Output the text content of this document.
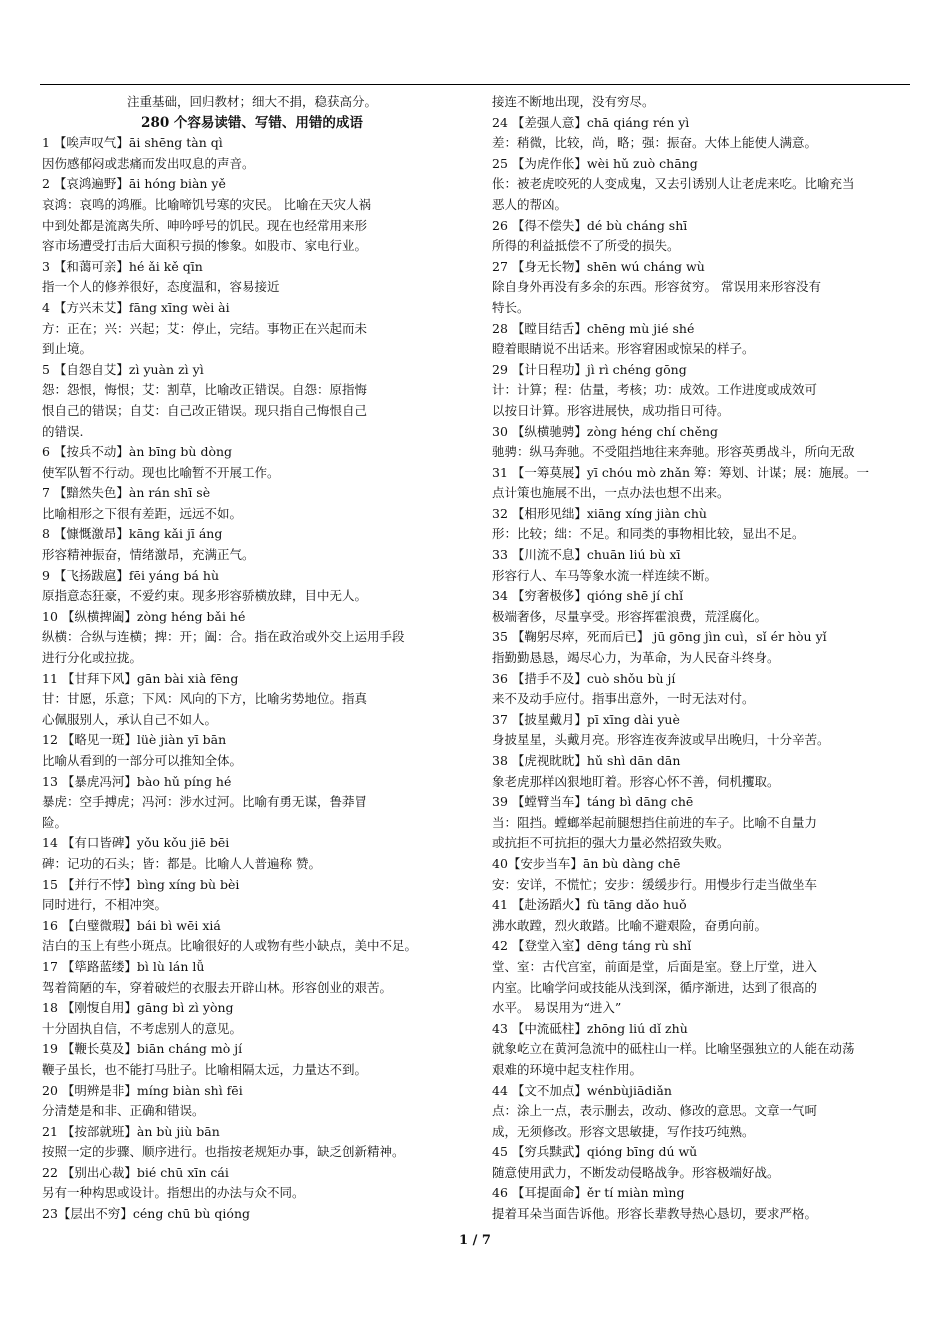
注重基础，回归教材；细大不捐，稳获高分。
280 个容易读错、写错、用错的成语
1 【唉声叹气】āi shēng tàn qì
因伤感郁闷或悲痛而发出叹息的声音。
2 【哀鸿遍野】āi hóng biàn yě
哀鸿：哀鸣的鸿雁。比喻啼饥号寒的灾民。 比喻在天灾人祸
中到处都是流离失所、呻吟呼号的饥民。现在也经常用来形
容市场遭受打击后大面积亏损的惨象。如股市、家电行业。
3 【和蔼可亲】hé ǎi kě qīn
指一个人的修养很好，态度温和，容易接近
4 【方兴未艾】fāng xīng wèi ài
方：正在；兴：兴起；艾：停止，完结。事物正在兴起而未
到止境。
5 【自怨自艾】zì yuàn zì yì
怨：怨恨，悔恨；艾：割草，比喻改正错误。自怨：原指悔
恨自己的错误；自艾：自己改正错误。现只指自己悔恨自己
的错误.
6 【按兵不动】àn bīng bù dòng
使军队暂不行动。现也比喻暂不开展工作。
7 【黯然失色】àn rán shī sè
比喻相形之下很有差距，远远不如。
8 【慷慨激昂】kāng kǎi jī áng
形容精神振奋，情绪激昂，充满正气。
9 【飞扬跋扈】fēi yáng bá hù
原指意态狂豪，不爱约束。现多形容骄横放肆，目中无人。
10 【纵横捭阖】zòng héng bǎi hé
纵横：合纵与连横；捭：开；阖：合。指在政治或外交上运用手段
进行分化或拉拢。
11 【甘拜下风】gān bài xià fēng
甘：甘愿，乐意；下风：风向的下方，比喻劣势地位。指真
心佩服别人，承认自己不如人。
12 【略见一斑】lüè jiàn yī bān
比喻从看到的一部分可以推知全体。
13 【暴虎冯河】bào hǔ píng hé
暴虎：空手搏虎；冯河：涉水过河。比喻有勇无谋，鲁莽冒
险。
14 【有口皆碑】yǒu kǒu jiē bēi
碑：记功的石头；皆：都是。比喻人人普遍称 赞。
15 【并行不悖】bìng xíng bù bèi
同时进行，不相冲突。
16 【白璧微瑕】bái bì wēi xiá
洁白的玉上有些小斑点。比喻很好的人或物有些小缺点，美中不足。
17 【筚路蓝缕】bì lù lán lǚ
驾着简陋的车，穿着破烂的衣服去开辟山林。形容创业的艰苦。
18 【刚愎自用】gāng bì zì yòng
十分固执自信，不考虑别人的意见。
19 【鞭长莫及】biān cháng mò jí
鞭子虽长，也不能打马肚子。比喻相隔太远，力量达不到。
20 【明辨是非】míng biàn shì fēi
分清楚是和非、正确和错误。
21 【按部就班】àn bù jiù bān
按照一定的步骤、顺序进行。也指按老规矩办事，缺乏创新精神。
22 【别出心裁】bié chū xīn cái
另有一种构思或设计。指想出的办法与众不同。
23【层出不穷】céng chū bù qióng
接连不断地出现，没有穷尽。
24 【差强人意】chā qiáng rén yì
差：稍微，比较，尚，略；强：振奋。大体上能使人满意。
25 【为虎作伥】wèi hǔ zuò chāng
伥：被老虎咬死的人变成鬼，又去引诱别人让老虎来吃。比喻充当
恶人的帮凶。
26 【得不偿失】dé bù cháng shī
所得的利益抵偿不了所受的损失。
27 【身无长物】shēn wú cháng wù
除自身外再没有多余的东西。形容贫穷。 常误用来形容没有
特长。
28 【瞠目结舌】chēng mù jié shé
瞪着眼睛说不出话来。形容窘困或惊呆的样子。
29 【计日程功】jì rì chéng gōng
计：计算；程：估量，考核；功：成效。工作进度或成效可
以按日计算。形容进展快，成功指日可待。
30 【纵横驰骋】zòng héng chí chěng
驰骋：纵马奔驰。不受阻挡地往来奔驰。形容英勇战斗，所向无敌
31 【一筹莫展】yī chóu mò zhǎn 筹：筹划、计谋；展：施展。一
点计策也施展不出，一点办法也想不出来。
32 【相形见绌】xiāng xíng jiàn chù
形：比较；绌：不足。和同类的事物相比较，显出不足。
33 【川流不息】chuān liú bù xī
形容行人、车马等象水流一样连续不断。
34 【穷奢极侈】qióng shē jí chǐ
极端奢侈，尽量享受。形容挥霍浪费，荒淫腐化。
35 【鞠躬尽瘁，死而后已】 jū gōng jìn cuì，sǐ ér hòu yǐ
指勤勤恳恳，竭尽心力，为革命，为人民奋斗终身。
36 【措手不及】cuò shǒu bù jí
来不及动手应付。指事出意外，一时无法对付。
37 【披星戴月】pī xīng dài yuè
身披星星，头戴月亮。形容连夜奔波或早出晚归，十分辛苦。
38 【虎视眈眈】hǔ shì dān dān
象老虎那样凶狠地盯着。形容心怀不善，伺机攫取。
39 【螳臂当车】táng bì dāng chē
当：阻挡。螳螂举起前腿想挡住前进的车子。比喻不自量力
或抗拒不可抗拒的强大力量必然招致失败。
40【安步当车】ān bù dàng chē
安：安详，不慌忙；安步：缓缓步行。用慢步行走当做坐车
41 【赴汤蹈火】fù tāng dǎo huǒ
沸水敢蹚，烈火敢踏。比喻不避艰险，奋勇向前。
42 【登堂入室】dēng táng rù shǐ
堂、室：古代宫室，前面是堂，后面是室。登上厅堂，进入
内室。比喻学问或技能从浅到深，循序渐进，达到了很高的
水平。 易误用为“进入”
43 【中流砥柱】zhōng liú dǐ zhù
就象屹立在黄河急流中的砥柱山一样。比喻坚强独立的人能在动荡
艰难的环境中起支柱作用。
44 【文不加点】wénbùjiādiǎn
点：涂上一点，表示删去，改动、修改的意思。文章一气呵
成，无须修改。形容文思敏捷，写作技巧纯熟。
45 【穷兵黩武】qióng bīng dú wǔ
随意使用武力，不断发动侵略战争。形容极端好战。
46 【耳提面命】ěr tí miàn mìng
提着耳朵当面告诉他。形容长辈教导热心恳切，要求严格。
1 / 7
